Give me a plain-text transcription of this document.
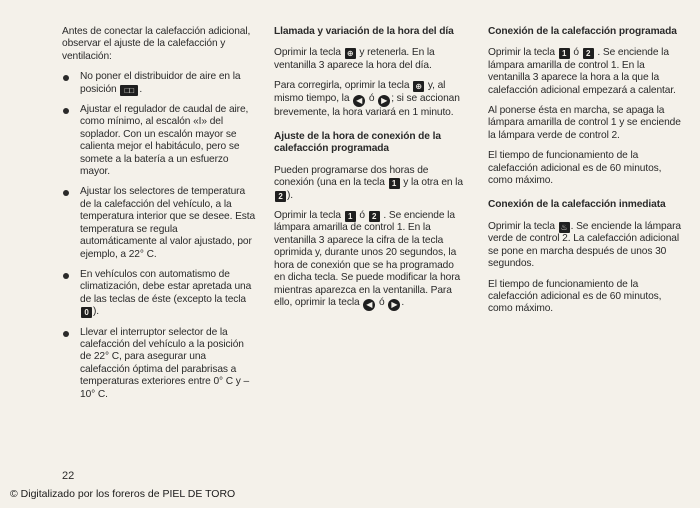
Antes de conectar la calefacción adicional, observar el ajuste de la calefacción y ventilación:

No poner el distribuidor de aire en la posición □□ .
Ajustar el regulador de caudal de aire, como mínimo, al escalón «I» del soplador. Con un escalón mayor se calienta mejor el habitáculo, pero se somete a la batería a un esfuerzo mayor.
Ajustar los selectores de temperatura de la calefacción del vehículo, a la temperatura interior que se desee. Esta temperatura se regula automáticamente al valor ajustado, por ejemplo, a 22° C.
En vehículos con automatismo de climatización, debe estar apretada una de las teclas de éste (excepto la tecla 0 ).
Llevar el interruptor selector de la calefacción del vehículo a la posición de 22° C, para asegurar una calefacción óptima del parabrisas a temperaturas exteriores entre 0° C y – 10° C.
Llamada y variación de la hora del día

Oprimir la tecla ⊕ y retenerla. En la ventanilla 3 aparece la hora del día.

Para corregirla, oprimir la tecla ⊕ y, al mismo tiempo, la ◀ ó ▶ ; si se accionan brevemente, la hora variará en 1 minuto.

Ajuste de la hora de conexión de la calefacción programada

Pueden programarse dos horas de conexión (una en la tecla 1 y la otra en la 2 ).

Oprimir la tecla 1 ó 2 . Se enciende la lámpara amarilla de control 1. En la ventanilla 3 aparece la cifra de la tecla oprimida y, durante unos 20 segundos, la hora de conexión que se ha programado en dicha tecla. Se puede modificar la hora mientras aparezca en la ventanilla. Para ello, oprimir la tecla ◀ ó ▶ .

Conexión de la calefacción programada

Oprimir la tecla 1 ó 2 . Se enciende la lámpara amarilla de control 1. En la ventanilla 3 aparece la hora a la que la calefacción adicional empezará a calentar.

Al ponerse ésta en marcha, se apaga la lámpara amarilla de control 1 y se enciende la lámpara verde de control 2.

El tiempo de funcionamiento de la calefacción adicional es de 60 minutos, como máximo.

Conexión de la calefacción inmediata

Oprimir la tecla ♨ . Se enciende la lámpara verde de control 2. La calefacción adicional se pone en marcha después de unos 30 segundos.

El tiempo de funcionamiento de la calefacción adicional es de 60 minutos, como máximo.

22
© Digitalizado por los foreros de PIEL DE TORO
